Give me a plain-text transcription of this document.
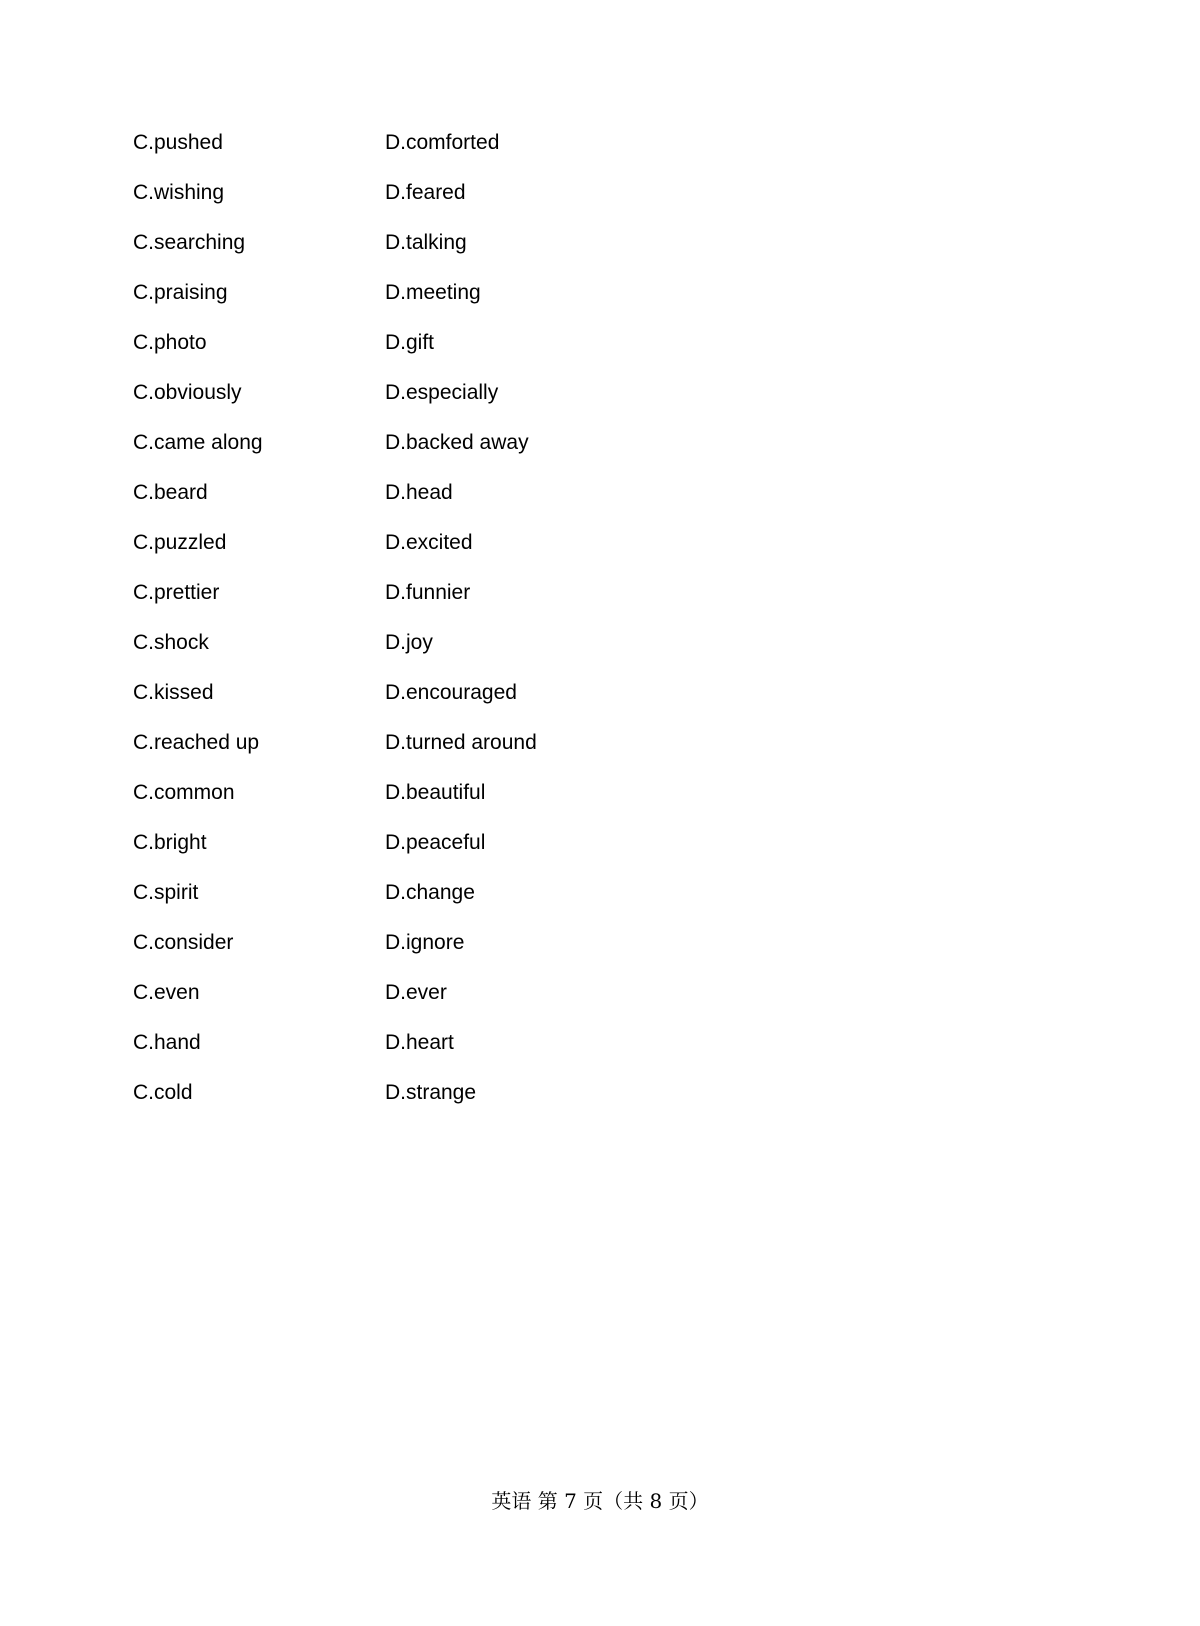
C.pushed	D.comforted
C.wishing	D.feared
C.searching	D.talking
C.praising	D.meeting
C.photo	D.gift
C.obviously	D.especially
C.came along	D.backed away
C.beard	D.head
C.puzzled	D.excited
C.prettier	D.funnier
C.shock	D.joy
C.kissed	D.encouraged
C.reached up	D.turned around
C.common	D.beautiful
C.bright	D.peaceful
C.spirit	D.change
C.consider	D.ignore
C.even	D.ever
C.hand	D.heart
C.cold	D.strange
英语 第 7 页（共 8 页）
